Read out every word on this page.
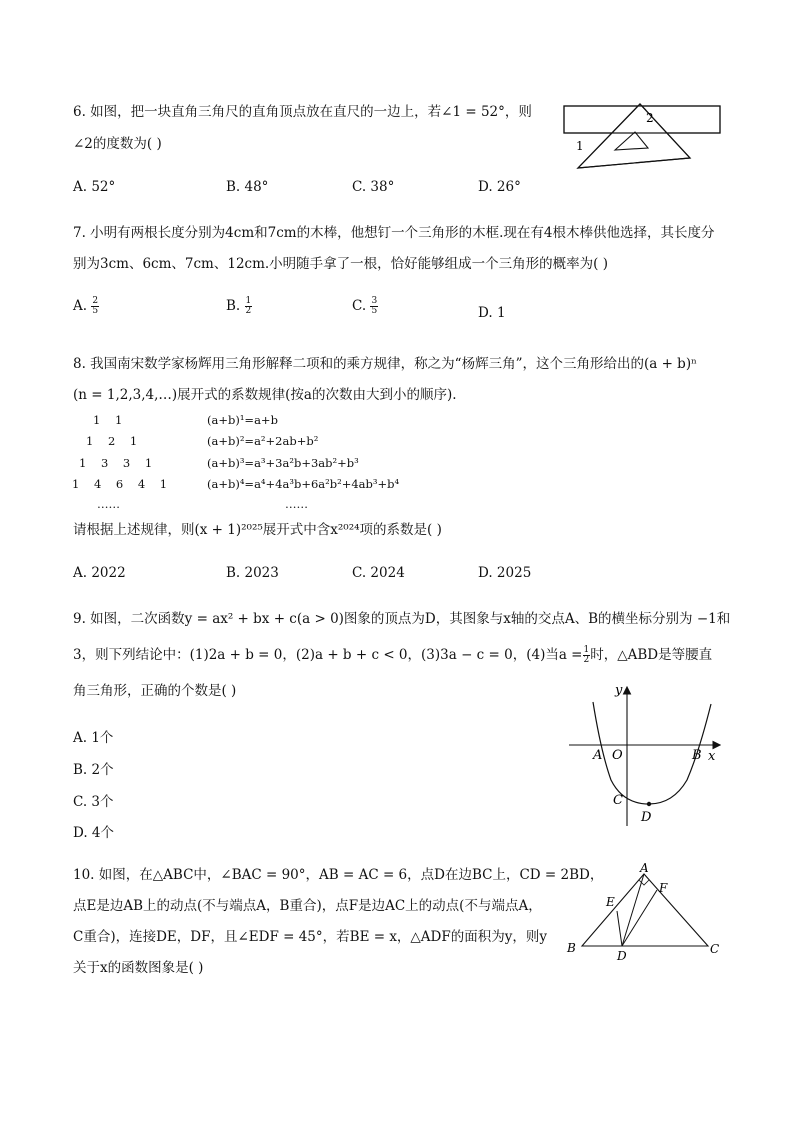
6. 如图，把一块直角三角尺的直角顶点放在直尺的一边上，若∠1 = 52°，则
∠2的度数为( )	1
2
A. 52°	B. 48°	C. 38°	D. 26°
7. 小明有两根长度分别为4cm和7cm的木棒，他想钉一个三角形的木框.现在有4根木棒供他选择，其长度分
别为3cm、6cm、7cm、12cm.小明随手拿了一根，恰好能够组成一个三角形的概率为( )
A. $\frac{2}{5}$	B. $\frac{1}{2}$	C. $\frac{3}{5}$	D. 1
8. 我国南宋数学家杨辉用三角形解释二项和的乘方规律，称之为“杨辉三角”，这个三角形给出的(a + b)ⁿ
(n = 1,2,3,4,…)展开式的系数规律(按a的次数由大到小的顺序).
1    1
1    2    1
1    3    3    1
1    4    6    4    1
……
(a+b)¹=a+b
(a+b)²=a²+2ab+b²
(a+b)³=a³+3a²b+3ab²+b³
(a+b)⁴=a⁴+4a³b+6a²b²+4ab³+b⁴
……
请根据上述规律，则(x + 1)²⁰²⁵展开式中含x²⁰²⁴项的系数是( )
A. 2022	B. 2023	C. 2024	D. 2025
9. 如图，二次函数y = ax² + bx + c(a > 0)图象的顶点为D，其图象与x轴的交点A、B的横坐标分别为 −1和
3，则下列结论中：(1)2a + b = 0，(2)a + b + c < 0，(3)3a − c = 0，(4)当$a = \frac{1}{2}$ 时，△ABD是等腰直
角三角形，正确的个数是( )
A. 1个
B. 2个
C. 3个
D. 4个
y
x
A O	B
C
D
10. 如图，在△ABC中，∠BAC = 90°，AB = AC = 6，点D在边BC上，CD = 2BD，
点E是边AB上的动点(不与端点A，B重合)，点F是边AC上的动点(不与端点A，
C重合)，连接DE，DF，且∠EDF = 45°，若BE = x，△ADF的面积为y，则y
关于x的函数图象是( )
A
B	C
D
E
F
